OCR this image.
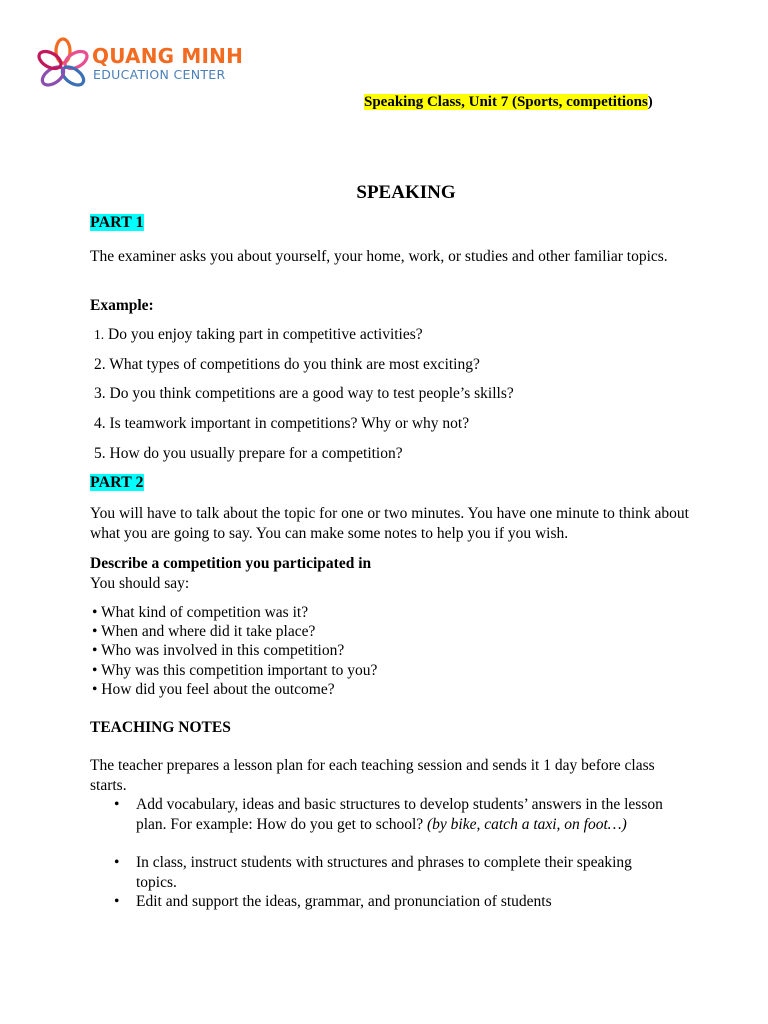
QUANG MINH

EDUCATION CENTER

Speaking Class, Unit 7 (Sports, competitions)
SPEAKING
PART 1
The examiner asks you about yourself, your home, work, or studies and other familiar topics.
Example:
1. Do you enjoy taking part in competitive activities?
2. What types of competitions do you think are most exciting?
3. Do you think competitions are a good way to test people’s skills?
4. Is teamwork important in competitions? Why or why not?
5. How do you usually prepare for a competition?
PART 2
You will have to talk about the topic for one or two minutes. You have one minute to think about what you are going to say. You can make some notes to help you if you wish.
Describe a competition you participated in
You should say:
• What kind of competition was it?
• When and where did it take place?
• Who was involved in this competition?
• Why was this competition important to you?
• How did you feel about the outcome?
TEACHING NOTES
The teacher prepares a lesson plan for each teaching session and sends it 1 day before class starts.
• Add vocabulary, ideas and basic structures to develop students’ answers in the lesson plan. For example: How do you get to school? (by bike, catch a taxi, on foot…)
• In class, instruct students with structures and phrases to complete their speaking topics.
• Edit and support the ideas, grammar, and pronunciation of students
